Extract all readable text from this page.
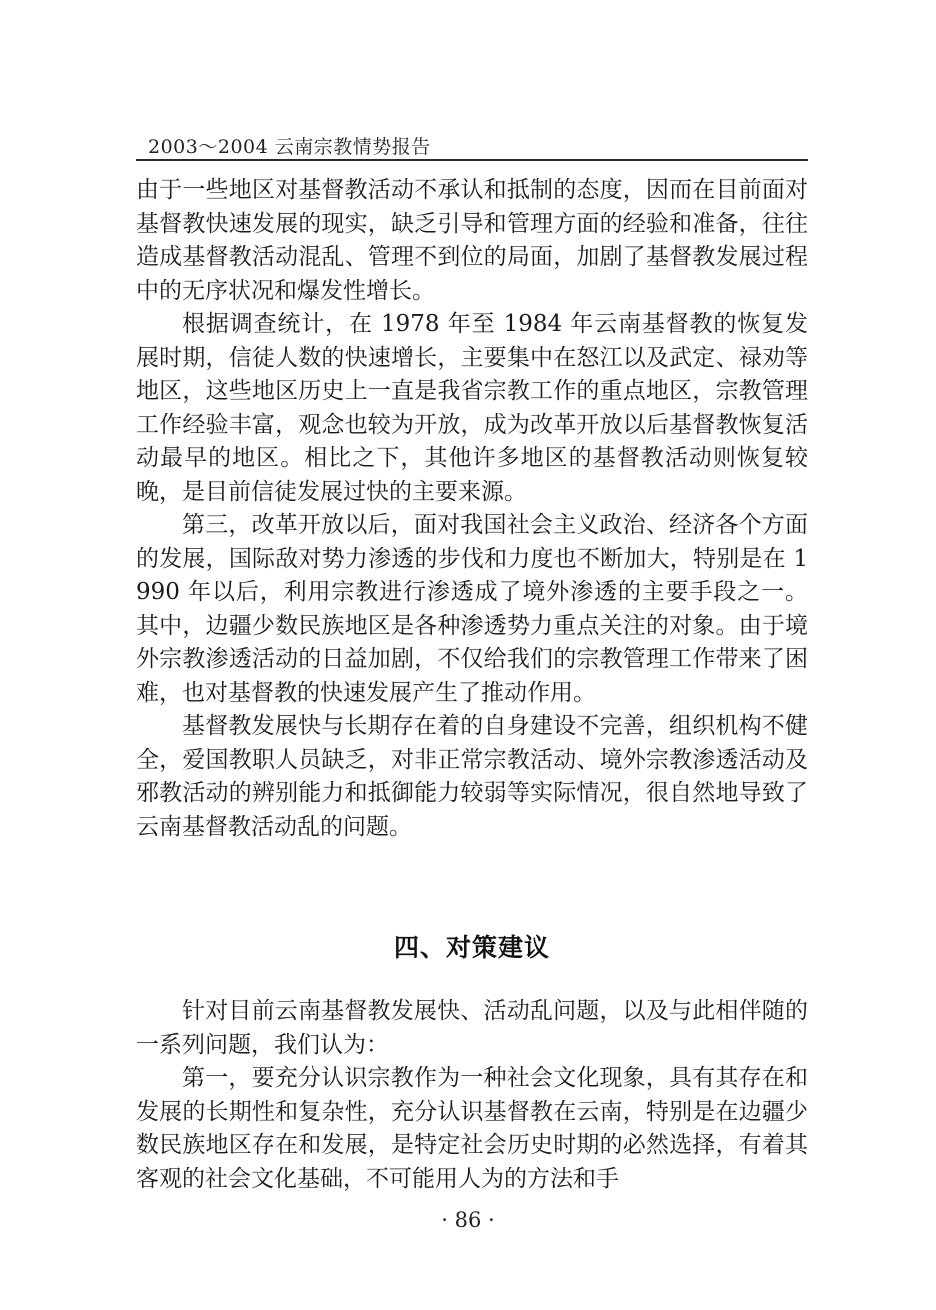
2003～2004 云南宗教情势报告

由于一些地区对基督教活动不承认和抵制的态度，因而在目前面对基督教快速发展的现实，缺乏引导和管理方面的经验和准备，往往造成基督教活动混乱、管理不到位的局面，加剧了基督教发展过程中的无序状况和爆发性增长。

根据调查统计，在 1978 年至 1984 年云南基督教的恢复发展时期，信徒人数的快速增长，主要集中在怒江以及武定、禄劝等地区，这些地区历史上一直是我省宗教工作的重点地区，宗教管理工作经验丰富，观念也较为开放，成为改革开放以后基督教恢复活动最早的地区。相比之下，其他许多地区的基督教活动则恢复较晚，是目前信徒发展过快的主要来源。

第三，改革开放以后，面对我国社会主义政治、经济各个方面的发展，国际敌对势力渗透的步伐和力度也不断加大，特别是在 1990 年以后，利用宗教进行渗透成了境外渗透的主要手段之一。其中，边疆少数民族地区是各种渗透势力重点关注的对象。由于境外宗教渗透活动的日益加剧，不仅给我们的宗教管理工作带来了困难，也对基督教的快速发展产生了推动作用。

基督教发展快与长期存在着的自身建设不完善，组织机构不健全，爱国教职人员缺乏，对非正常宗教活动、境外宗教渗透活动及邪教活动的辨别能力和抵御能力较弱等实际情况，很自然地导致了云南基督教活动乱的问题。

四、对策建议

针对目前云南基督教发展快、活动乱问题，以及与此相伴随的一系列问题，我们认为：

第一，要充分认识宗教作为一种社会文化现象，具有其存在和发展的长期性和复杂性，充分认识基督教在云南，特别是在边疆少数民族地区存在和发展，是特定社会历史时期的必然选择，有着其客观的社会文化基础，不可能用人为的方法和手

· 86 ·
